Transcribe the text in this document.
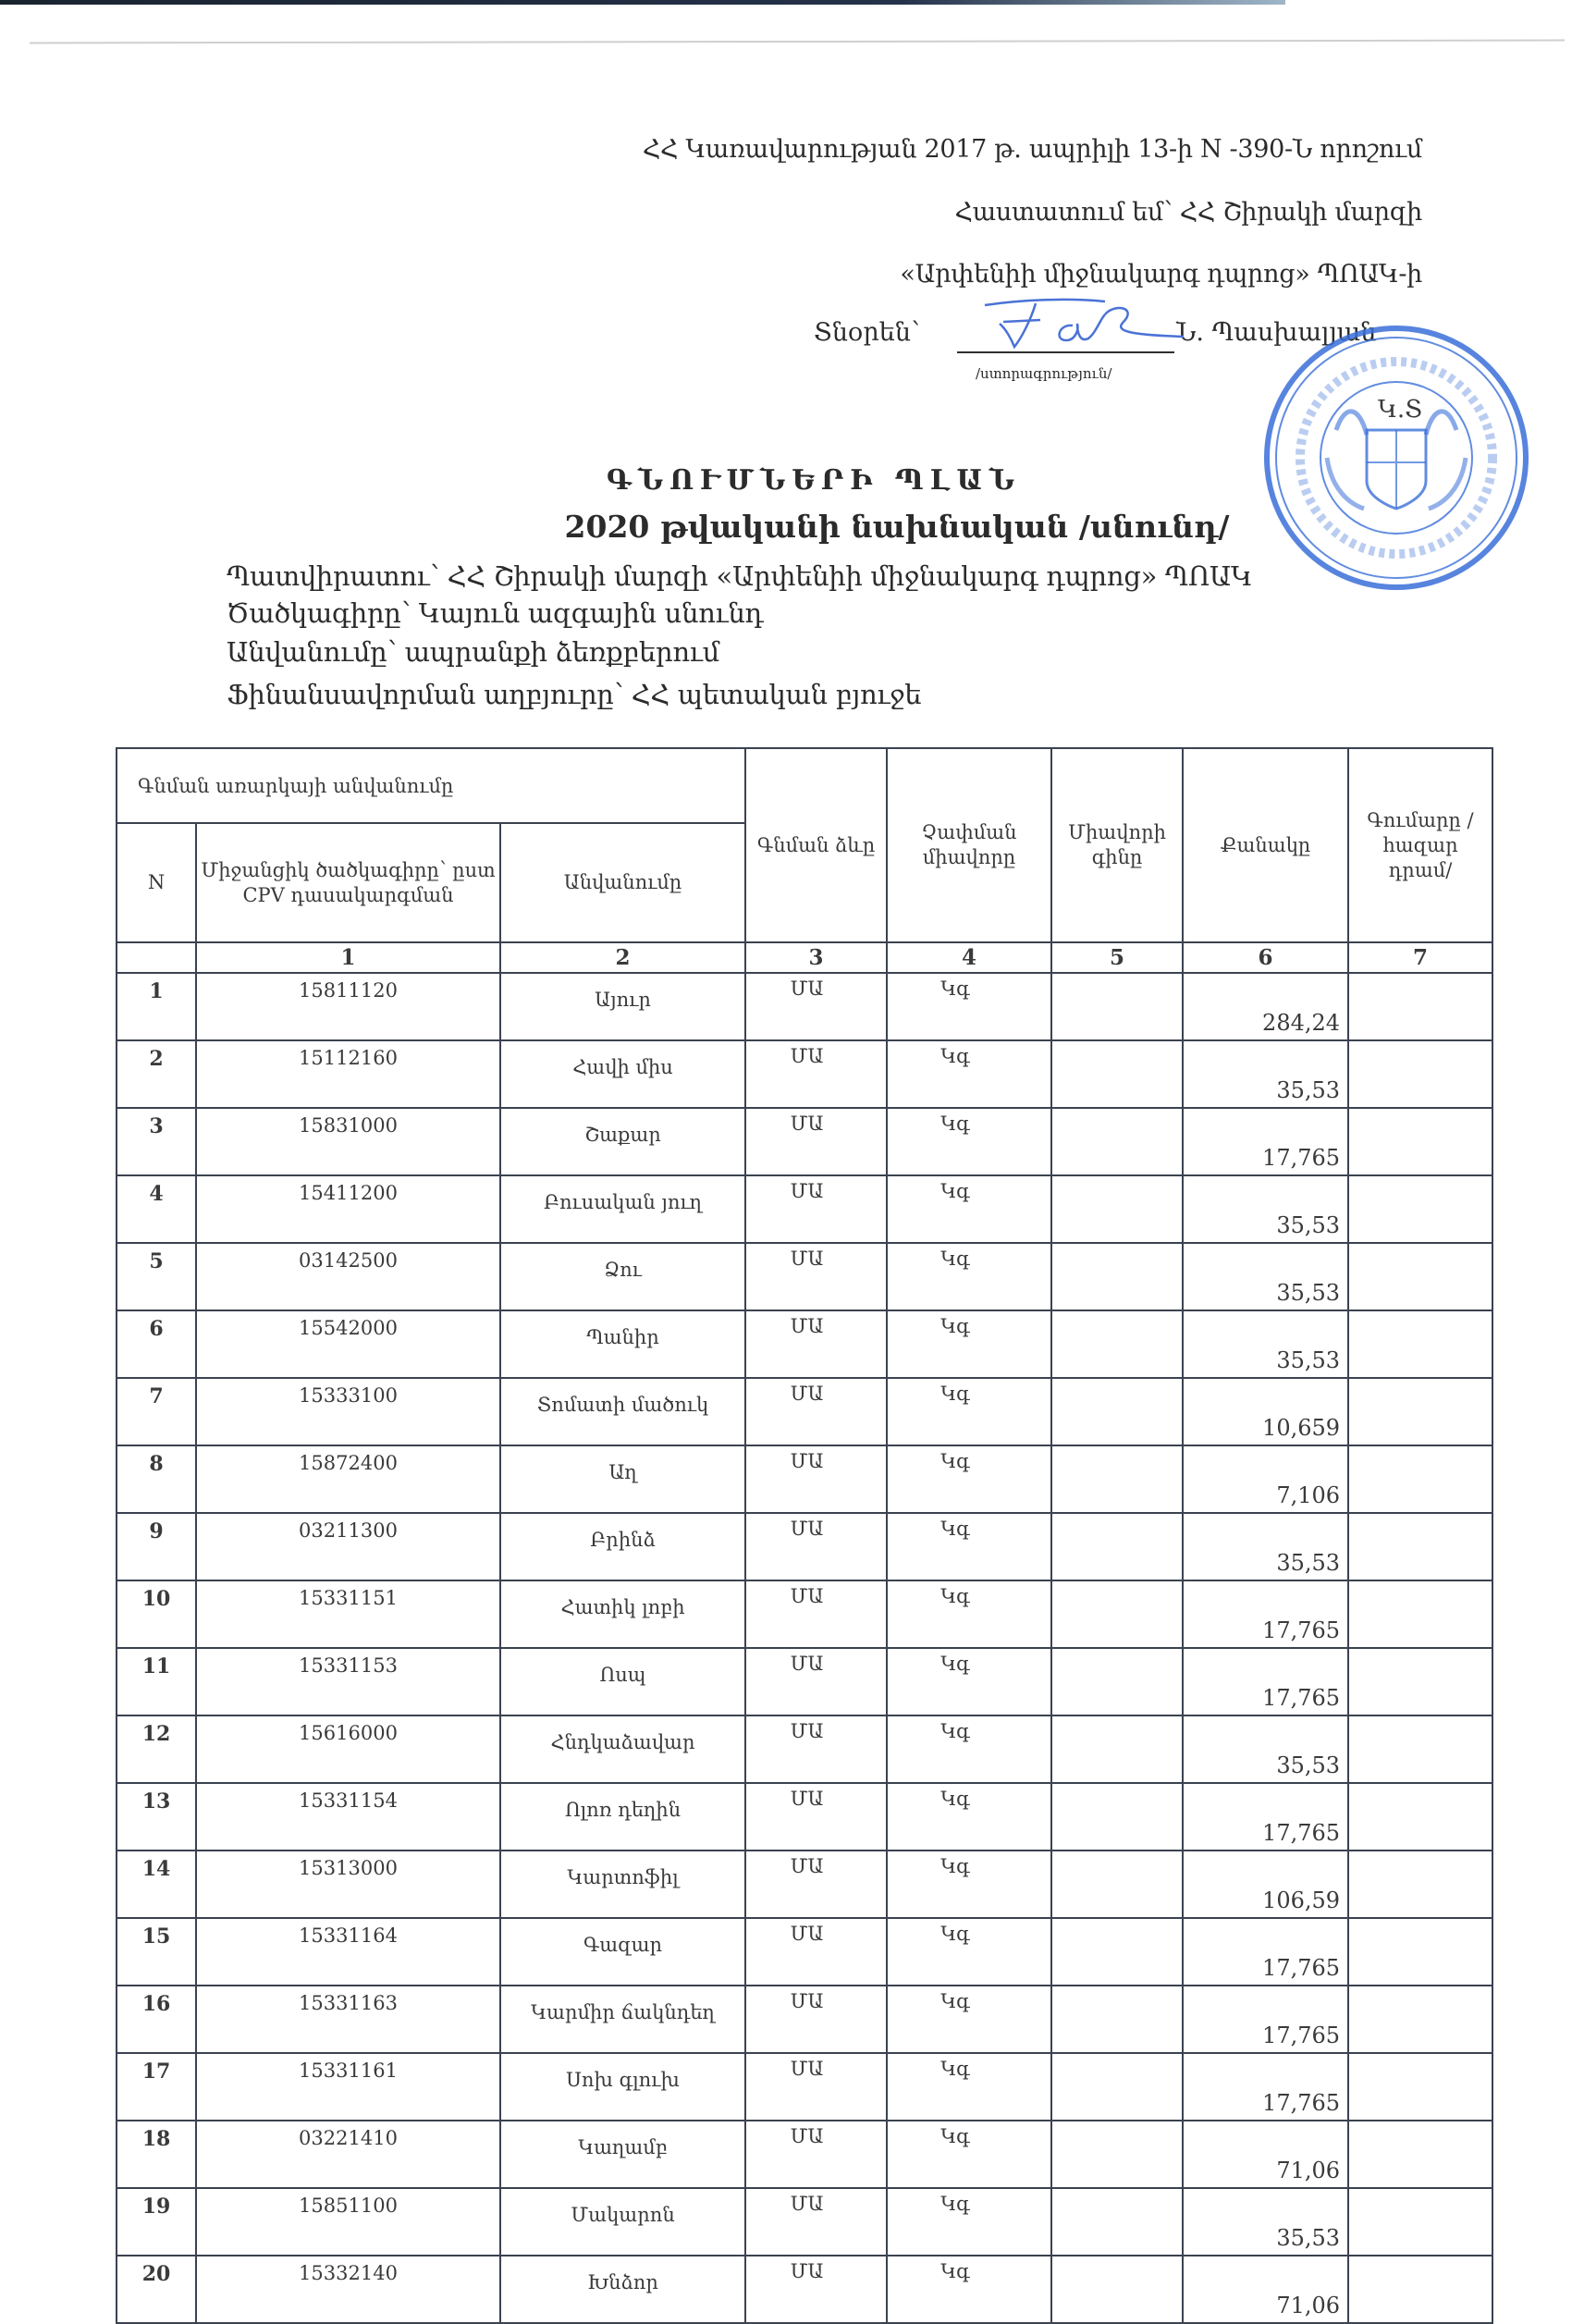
ՀՀ Կառավարության 2017 թ. ապրիլի 13-ի N -390-Ն որոշում
Հաստատում եմ՝ ՀՀ Շիրակի մարզի
«Արփենիի միջնակարգ դպրոց» ՊՈԱԿ-ի
Տնօրեն՝	Ն. Պասխալյան
/ստորագրություն/
Կ.Տ
ԳՆՈՒՄՆԵՐԻ ՊԼԱՆ
2020 թվականի նախնական /սնունդ/
Պատվիրատու՝ ՀՀ Շիրակի մարզի «Արփենիի միջնակարգ դպրոց» ՊՈԱԿ
Ծածկագիրը՝ Կայուն ազգային սնունդ
Անվանումը՝ ապրանքի ձեռքբերում
Ֆինանսավորման աղբյուրը՝ ՀՀ պետական բյուջե
Գնման առարկայի անվանումը			Գնման ձևը	Չափման միավորը	Միավորի գինը	Քանակը	Գումարը /հազար դրամ/
N	Միջանցիկ ծածկագիրը՝ ըստ CPV դասակարգման	Անվանումը					
	1	2	3	4	5	6	7
1	15811120	Այուր	ՄԱ	Կգ		284,24	
2	15112160	Հավի միս	ՄԱ	Կգ		35,53	
3	15831000	Շաքար	ՄԱ	Կգ		17,765	
4	15411200	Բուսական յուղ	ՄԱ	Կգ		35,53	
5	03142500	Ձու	ՄԱ	Կգ		35,53	
6	15542000	Պանիր	ՄԱ	Կգ		35,53	
7	15333100	Տոմատի մածուկ	ՄԱ	Կգ		10,659	
8	15872400	Աղ	ՄԱ	Կգ		7,106	
9	03211300	Բրինձ	ՄԱ	Կգ		35,53	
10	15331151	Հատիկ լոբի	ՄԱ	Կգ		17,765	
11	15331153	Ոսպ	ՄԱ	Կգ		17,765	
12	15616000	Հնդկաձավար	ՄԱ	Կգ		35,53	
13	15331154	Ոլոռ դեղին	ՄԱ	Կգ		17,765	
14	15313000	Կարտոֆիլ	ՄԱ	Կգ		106,59	
15	15331164	Գազար	ՄԱ	Կգ		17,765	
16	15331163	Կարմիր ճակնդեղ	ՄԱ	Կգ		17,765	
17	15331161	Սոխ գլուխ	ՄԱ	Կգ		17,765	
18	03221410	Կաղամբ	ՄԱ	Կգ		71,06	
19	15851100	Մակարոն	ՄԱ	Կգ		35,53	
20	15332140	Խնձոր	ՄԱ	Կգ		71,06	
